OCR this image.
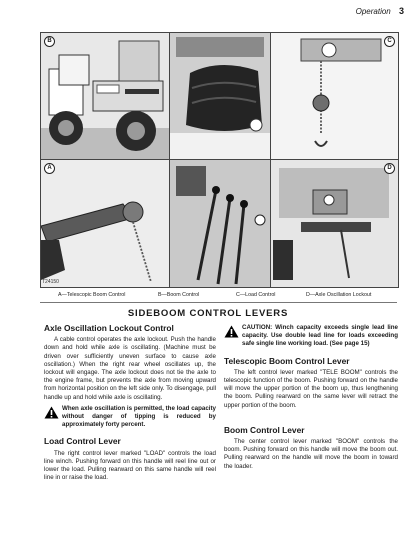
Operation 3
B	C
A	D
T24150
A—Telescopic Boom Control	B—Boom Control	C—Load Control	D—Axle Oscillation Lockout
SIDEBOOM CONTROL LEVERS
Axle Oscillation Lockout Control

A cable control operates the axle lockout. Push the handle down and hold while axle is oscillating. (Machine must be driven over sufficiently uneven surface to cause axle oscillation.) When the right rear wheel oscillates up, the lockout will engage. The axle lockout does not tie the axle to the engine frame, but prevents the axle from moving upward from horizontal position on the left side only. To disengage, pull handle up and hold while axle is oscillating.

When axle oscillation is permitted, the load capacity without danger of tipping is reduced by approximately forty percent.
Load Control Lever

The right control lever marked "LOAD" controls the load line winch. Pushing forward on this handle will reel line out or lower the load. Pulling rearward on this same handle will reel line in or raise the load.

CAUTION: Winch capacity exceeds single lead line capacity. Use double lead line for loads exceeding safe single line working load. (See page 15)
Telescopic Boom Control Lever

The left control lever marked "TELE BOOM" controls the telescopic function of the boom. Pushing forward on the handle will move the upper portion of the boom up, thus lengthening the boom. Pulling rearward on the same lever will retract the upper portion of the boom.

Boom Control Lever

The center control lever marked "BOOM" controls the boom. Pushing forward on this handle will move the boom out. Pulling rearward on the handle will move the boom in toward the loader.
